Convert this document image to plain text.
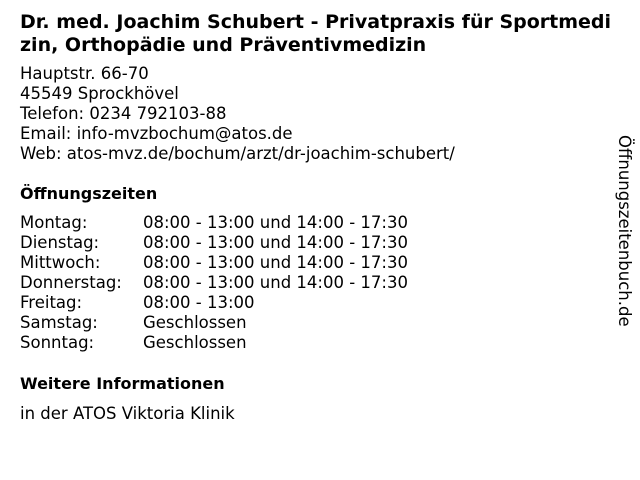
Dr. med. Joachim Schubert - Privatpraxis für Sportmedizin, Orthopädie und Präventivmedizin
Hauptstr. 66-70
45549 Sprockhövel
Telefon: 0234 792103-88
Email: info-mvzbochum@atos.de
Web: atos-mvz.de/bochum/arzt/dr-joachim-schubert/
Öffnungszeiten
Montag:	08:00 - 13:00 und 14:00 - 17:30
Dienstag:	08:00 - 13:00 und 14:00 - 17:30
Mittwoch:	08:00 - 13:00 und 14:00 - 17:30
Donnerstag:	08:00 - 13:00 und 14:00 - 17:30
Freitag:	08:00 - 13:00
Samstag:	Geschlossen
Sonntag:	Geschlossen
Weitere Informationen

in der ATOS Viktoria Klinik

Öffnungszeitenbuch.de
